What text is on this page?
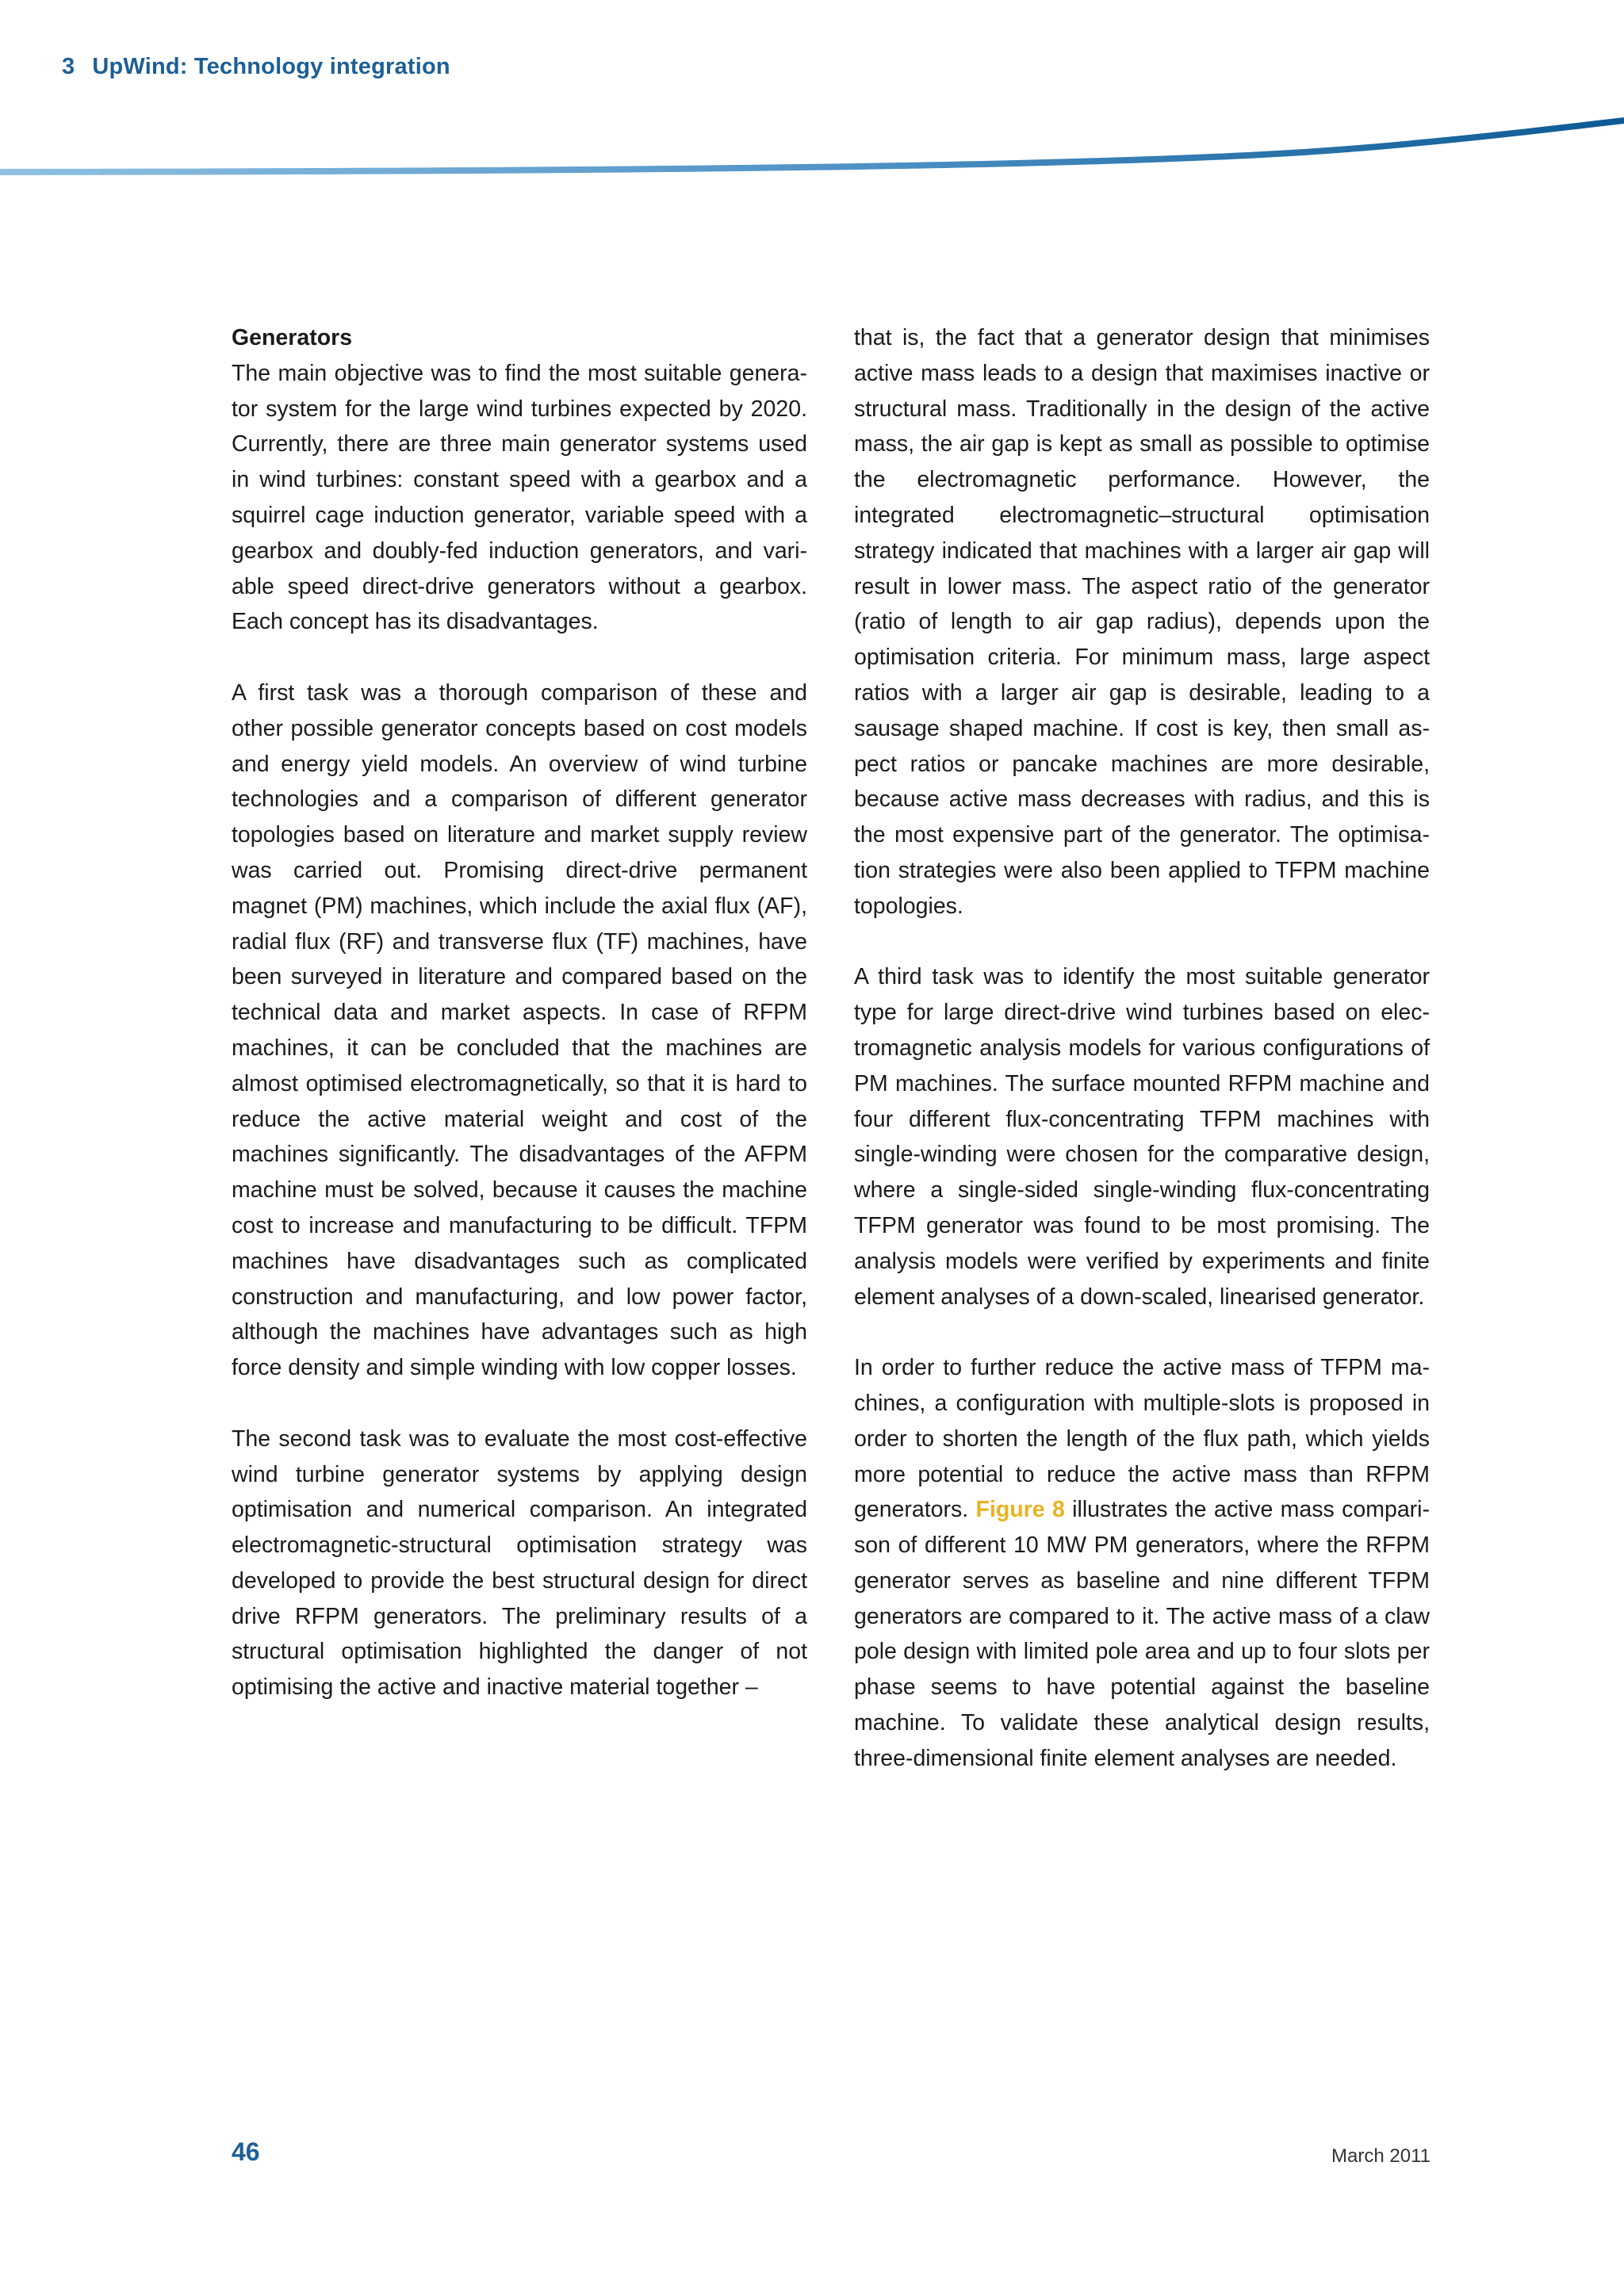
3 UpWind: Technology integration
Generators

The main objective was to find the most suitable generator system for the large wind turbines expected by 2020. Currently, there are three main generator systems used in wind turbines: constant speed with a gearbox and a squirrel cage induction generator, variable speed with a gearbox and doubly-fed induction generators, and variable speed direct-drive generators without a gearbox. Each concept has its disadvantages.

A first task was a thorough comparison of these and other possible generator concepts based on cost models and energy yield models. An overview of wind turbine technologies and a comparison of different generator topologies based on literature and market supply review was carried out. Promising direct-drive permanent magnet (PM) machines, which include the axial flux (AF), radial flux (RF) and transverse flux (TF) machines, have been surveyed in literature and compared based on the technical data and market aspects. In case of RFPM machines, it can be concluded that the machines are almost optimised electromagnetically, so that it is hard to reduce the active material weight and cost of the machines significantly. The disadvantages of the AFPM machine must be solved, because it causes the machine cost to increase and manufacturing to be difficult. TFPM machines have disadvantages such as complicated construction and manufacturing, and low power factor, although the machines have advantages such as high force density and simple winding with low copper losses.

The second task was to evaluate the most cost-effective wind turbine generator systems by applying design optimisation and numerical comparison. An integrated electromagnetic-structural optimisation strategy was developed to provide the best structural design for direct drive RFPM generators. The preliminary results of a structural optimisation highlighted the danger of not optimising the active and inactive material together –

that is, the fact that a generator design that minimises active mass leads to a design that maximises inactive or structural mass. Traditionally in the design of the active mass, the air gap is kept as small as possible to optimise the electromagnetic performance. However, the integrated electromagnetic–structural optimisation strategy indicated that machines with a larger air gap will result in lower mass. The aspect ratio of the generator (ratio of length to air gap radius), depends upon the optimisation criteria. For minimum mass, large aspect ratios with a larger air gap is desirable, leading to a sausage shaped machine. If cost is key, then small aspect ratios or pancake machines are more desirable, because active mass decreases with radius, and this is the most expensive part of the generator. The optimisation strategies were also been applied to TFPM machine topologies.

A third task was to identify the most suitable generator type for large direct-drive wind turbines based on electromagnetic analysis models for various configurations of PM machines. The surface mounted RFPM machine and four different flux-concentrating TFPM machines with single-winding were chosen for the comparative design, where a single-sided single-winding flux-concentrating TFPM generator was found to be most promising. The analysis models were verified by experiments and finite element analyses of a down-scaled, linearised generator.

In order to further reduce the active mass of TFPM machines, a configuration with multiple-slots is proposed in order to shorten the length of the flux path, which yields more potential to reduce the active mass than RFPM generators. Figure 8 illustrates the active mass comparison of different 10 MW PM generators, where the RFPM generator serves as baseline and nine different TFPM generators are compared to it. The active mass of a claw pole design with limited pole area and up to four slots per phase seems to have potential against the baseline machine. To validate these analytical design results, three-dimensional finite element analyses are needed.

46	March 2011
